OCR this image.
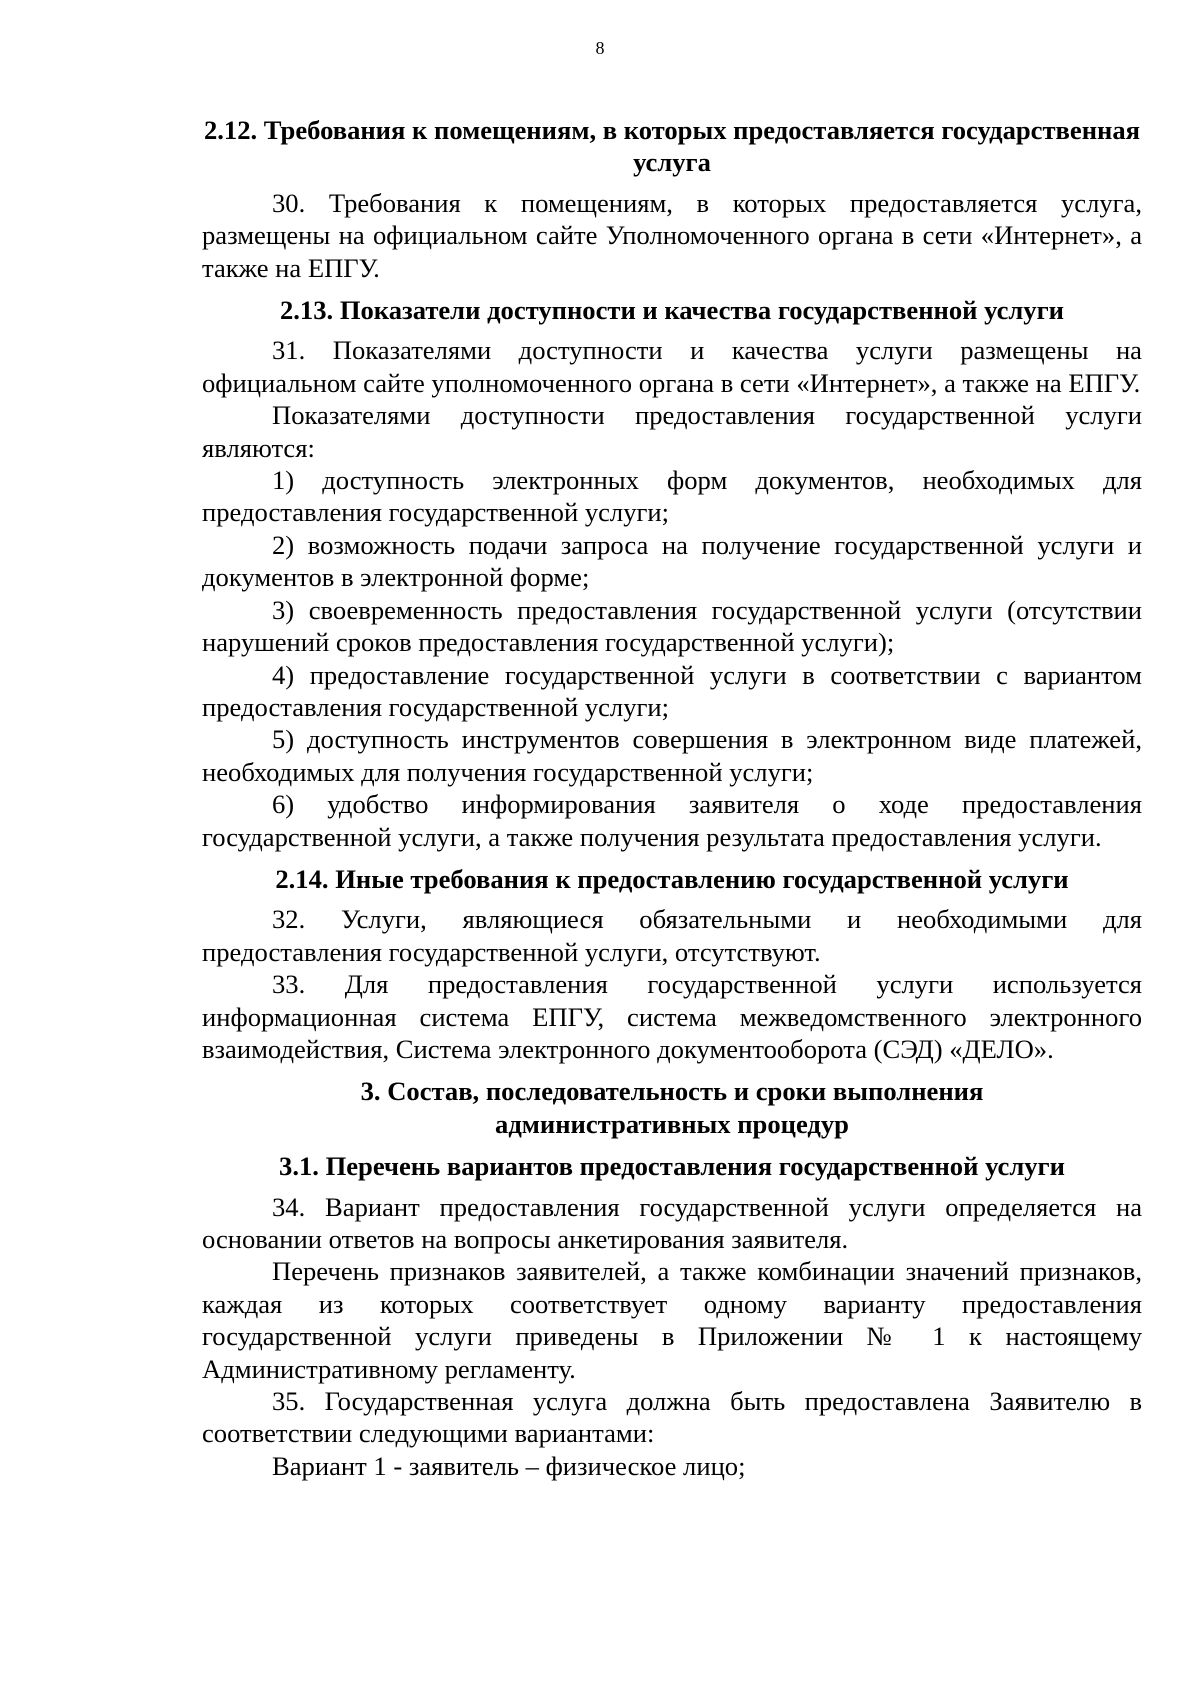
8
2.12. Требования к помещениям, в которых предоставляется государственная услуга
30. Требования к помещениям, в которых предоставляется услуга, размещены на официальном сайте Уполномоченного органа в сети «Интернет», а также на ЕПГУ.
2.13. Показатели доступности и качества государственной услуги
31. Показателями доступности и качества услуги размещены на официальном сайте уполномоченного органа в сети «Интернет», а также на ЕПГУ.
Показателями доступности предоставления государственной услуги являются:
1) доступность электронных форм документов, необходимых для предоставления государственной услуги;
2) возможность подачи запроса на получение государственной услуги и документов в электронной форме;
3) своевременность предоставления государственной услуги (отсутствии нарушений сроков предоставления государственной услуги);
4) предоставление государственной услуги в соответствии с вариантом предоставления государственной услуги;
5) доступность инструментов совершения в электронном виде платежей, необходимых для получения государственной услуги;
6) удобство информирования заявителя о ходе предоставления государственной услуги, а также получения результата предоставления услуги.
2.14. Иные требования к предоставлению государственной услуги
32. Услуги, являющиеся обязательными и необходимыми для предоставления государственной услуги, отсутствуют.
33. Для предоставления государственной услуги используется информационная система ЕПГУ, система межведомственного электронного взаимодействия, Система электронного документооборота (СЭД) «ДЕЛО».
3. Состав, последовательность и сроки выполнения
административных процедур
3.1. Перечень вариантов предоставления государственной услуги
34. Вариант предоставления государственной услуги определяется на основании ответов на вопросы анкетирования заявителя.
Перечень признаков заявителей, а также комбинации значений признаков, каждая из которых соответствует одному варианту предоставления государственной услуги приведены в Приложении № 1 к настоящему Административному регламенту.
35. Государственная услуга должна быть предоставлена Заявителю в соответствии следующими вариантами:
Вариант 1 - заявитель – физическое лицо;
